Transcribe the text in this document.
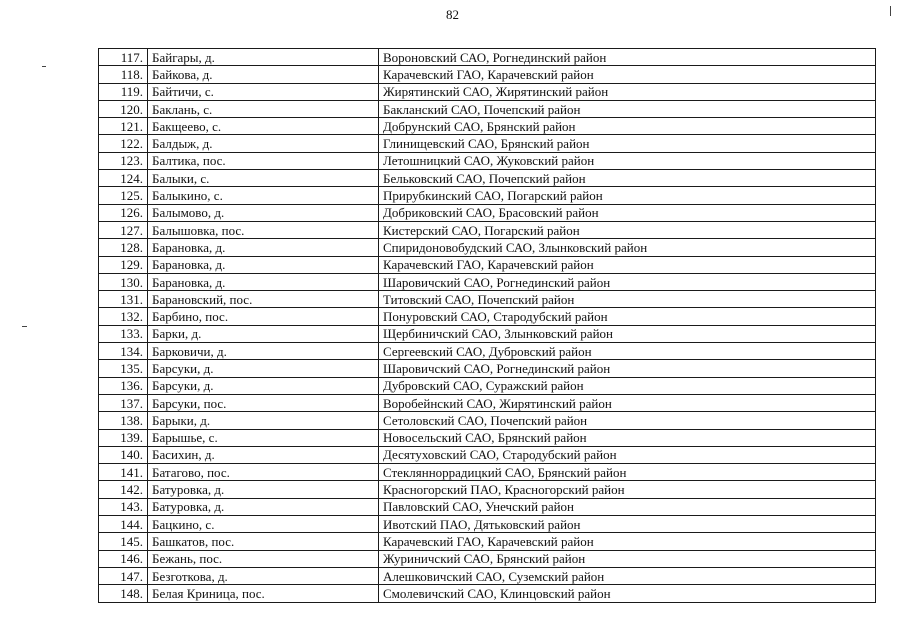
82
117.	Байгары, д.	Вороновский САО, Рогнединский район
118.	Байкова, д.	Карачевский ГАО, Карачевский район
119.	Байтичи, с.	Жирятинский САО, Жирятинский район
120.	Баклань, с.	Бакланский САО, Почепский район
121.	Бакщеево, с.	Добрунский САО, Брянский район
122.	Балдыж, д.	Глинищевский САО, Брянский район
123.	Балтика, пос.	Летошницкий САО, Жуковский район
124.	Балыки, с.	Бельковский САО, Почепский район
125.	Балыкино, с.	Прирубкинский САО, Погарский район
126.	Балымово, д.	Добриковский САО, Брасовский район
127.	Балышовка, пос.	Кистерский САО, Погарский район
128.	Барановка, д.	Спиридоновобудский САО, Злынковский район
129.	Барановка, д.	Карачевский ГАО, Карачевский район
130.	Барановка, д.	Шаровичский САО, Рогнединский район
131.	Барановский, пос.	Титовский САО, Почепский район
132.	Барбино, пос.	Понуровский САО, Стародубский район
133.	Барки, д.	Щербиничский САО, Злынковский район
134.	Барковичи, д.	Сергеевский САО, Дубровский район
135.	Барсуки, д.	Шаровичский САО, Рогнединский район
136.	Барсуки, д.	Дубровский САО, Суражский район
137.	Барсуки, пос.	Воробейнский САО, Жирятинский район
138.	Барыки, д.	Сетоловский САО, Почепский район
139.	Барышье, с.	Новосельский САО, Брянский район
140.	Басихин, д.	Десятуховский САО, Стародубский район
141.	Батагово, пос.	Стеклянноррадицкий САО, Брянский район
142.	Батуровка, д.	Красногорский ПАО, Красногорский район
143.	Батуровка, д.	Павловский САО, Унечский район
144.	Бацкино, с.	Ивотский ПАО, Дятьковский район
145.	Башкатов, пос.	Карачевский ГАО, Карачевский район
146.	Бежань, пос.	Журиничский САО, Брянский район
147.	Безготкова, д.	Алешковичский САО, Суземский район
148.	Белая Криница, пос.	Смолевичский САО, Клинцовский район
